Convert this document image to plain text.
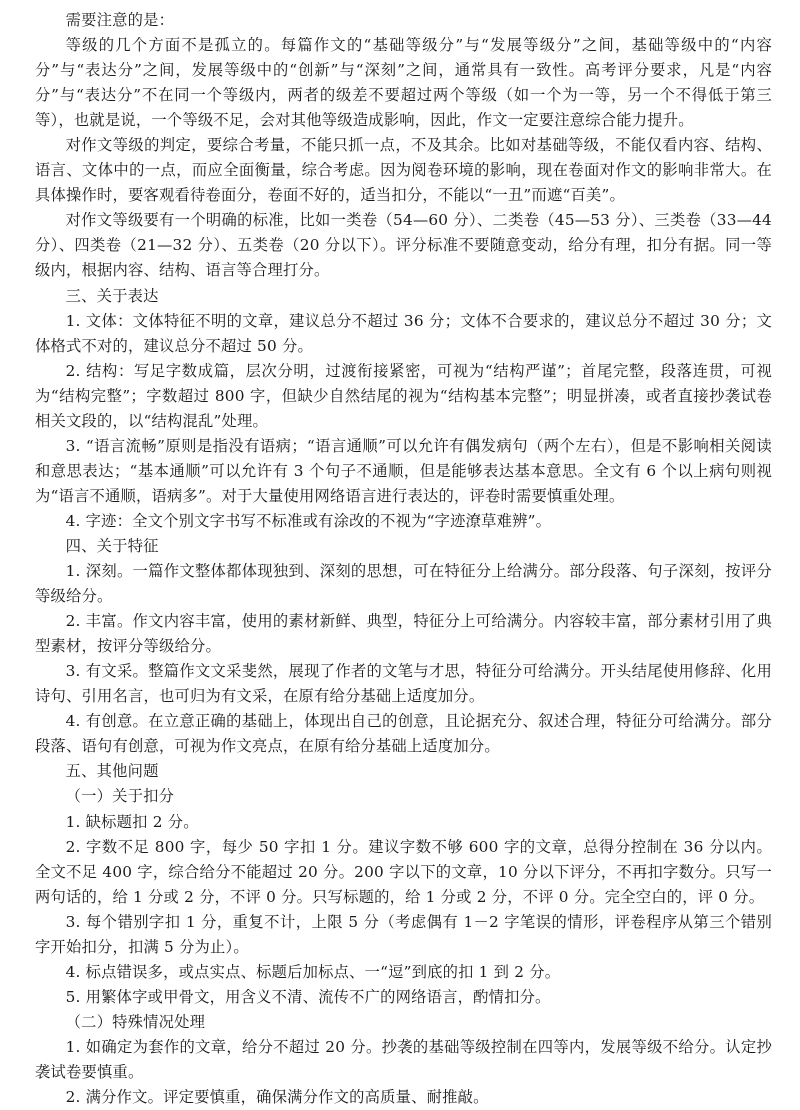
需要注意的是：

等级的几个方面不是孤立的。每篇作文的“基础等级分”与“发展等级分”之间，基础等级中的“内容分”与“表达分”之间，发展等级中的“创新”与“深刻”之间，通常具有一致性。高考评分要求，凡是“内容分”与“表达分”不在同一个等级内，两者的级差不要超过两个等级（如一个为一等，另一个不得低于第三等），也就是说，一个等级不足，会对其他等级造成影响，因此，作文一定要注意综合能力提升。

对作文等级的判定，要综合考量，不能只抓一点，不及其余。比如对基础等级，不能仅看内容、结构、语言、文体中的一点，而应全面衡量，综合考虑。因为阅卷环境的影响，现在卷面对作文的影响非常大。在具体操作时，要客观看待卷面分，卷面不好的，适当扣分，不能以“一丑”而遮“百美”。

对作文等级要有一个明确的标准，比如一类卷（54—60 分）、二类卷（45—53 分）、三类卷（33—44 分）、四类卷（21—32 分）、五类卷（20 分以下）。评分标准不要随意变动，给分有理，扣分有据。同一等级内，根据内容、结构、语言等合理打分。

三、关于表达

1. 文体：文体特征不明的文章，建议总分不超过 36 分；文体不合要求的，建议总分不超过 30 分；文体格式不对的，建议总分不超过 50 分。

2. 结构：写足字数成篇，层次分明，过渡衔接紧密，可视为“结构严谨”；首尾完整，段落连贯，可视为“结构完整”；字数超过 800 字，但缺少自然结尾的视为“结构基本完整”；明显拼凑，或者直接抄袭试卷相关文段的，以“结构混乱”处理。

3. “语言流畅”原则是指没有语病；“语言通顺”可以允许有偶发病句（两个左右），但是不影响相关阅读和意思表达；“基本通顺”可以允许有 3 个句子不通顺，但是能够表达基本意思。全文有 6 个以上病句则视为“语言不通顺，语病多”。对于大量使用网络语言进行表达的，评卷时需要慎重处理。

4. 字迹：全文个别文字书写不标准或有涂改的不视为“字迹潦草难辨”。

四、关于特征

1. 深刻。一篇作文整体都体现独到、深刻的思想，可在特征分上给满分。部分段落、句子深刻，按评分等级给分。

2. 丰富。作文内容丰富，使用的素材新鲜、典型，特征分上可给满分。内容较丰富，部分素材引用了典型素材，按评分等级给分。

3. 有文采。整篇作文文采斐然，展现了作者的文笔与才思，特征分可给满分。开头结尾使用修辞、化用诗句、引用名言，也可归为有文采，在原有给分基础上适度加分。

4. 有创意。在立意正确的基础上，体现出自己的创意，且论据充分、叙述合理，特征分可给满分。部分段落、语句有创意，可视为作文亮点，在原有给分基础上适度加分。

五、其他问题

（一）关于扣分

1. 缺标题扣 2 分。

2. 字数不足 800 字，每少 50 字扣 1 分。建议字数不够 600 字的文章，总得分控制在 36 分以内。全文不足 400 字，综合给分不能超过 20 分。200 字以下的文章，10 分以下评分，不再扣字数分。只写一两句话的，给 1 分或 2 分，不评 0 分。只写标题的，给 1 分或 2 分，不评 0 分。完全空白的，评 0 分。

3. 每个错别字扣 1 分，重复不计，上限 5 分（考虑偶有 1－2 字笔误的情形，评卷程序从第三个错别字开始扣分，扣满 5 分为止）。

4. 标点错误多，或点实点、标题后加标点、一“逗”到底的扣 1 到 2 分。

5. 用繁体字或甲骨文，用含义不清、流传不广的网络语言，酌情扣分。

（二）特殊情况处理

1. 如确定为套作的文章，给分不超过 20 分。抄袭的基础等级控制在四等内，发展等级不给分。认定抄袭试卷要慎重。

2. 满分作文。评定要慎重，确保满分作文的高质量、耐推敲。
